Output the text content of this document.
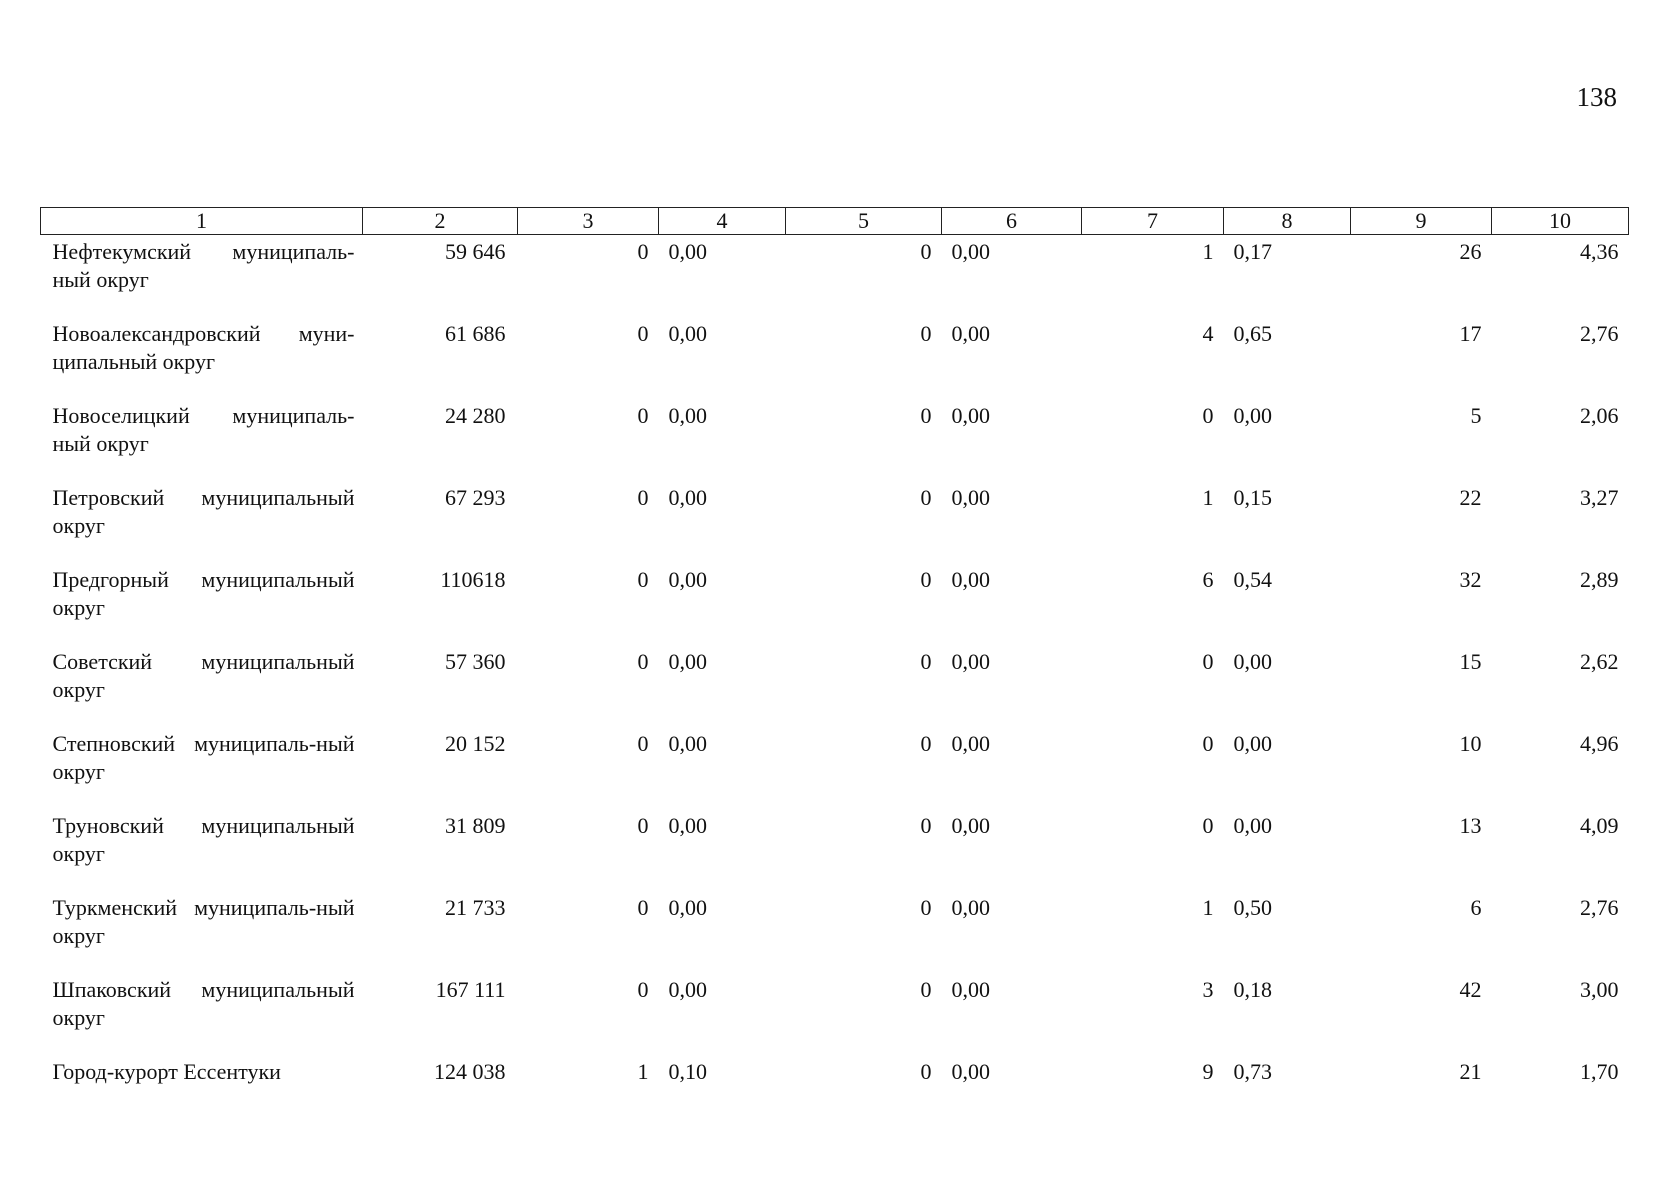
138
1	2	3	4	5	6	7	8	9	10
Нефтекумский муниципаль-ный округ	59 646	0	0,00	0	0,00	1	0,17	26	4,36
Новоалександровский муни-ципальный округ	61 686	0	0,00	0	0,00	4	0,65	17	2,76
Новоселицкий муниципаль-ный округ	24 280	0	0,00	0	0,00	0	0,00	5	2,06
Петровский муниципальный округ	67 293	0	0,00	0	0,00	1	0,15	22	3,27
Предгорный муниципальный округ	110618	0	0,00	0	0,00	6	0,54	32	2,89
Советский муниципальный округ	57 360	0	0,00	0	0,00	0	0,00	15	2,62
Степновский муниципаль-ный округ	20 152	0	0,00	0	0,00	0	0,00	10	4,96
Труновский муниципальный округ	31 809	0	0,00	0	0,00	0	0,00	13	4,09
Туркменский муниципаль-ный округ	21 733	0	0,00	0	0,00	1	0,50	6	2,76
Шпаковский муниципальный округ	167 111	0	0,00	0	0,00	3	0,18	42	3,00
Город-курорт Ессентуки	124 038	1	0,10	0	0,00	9	0,73	21	1,70
